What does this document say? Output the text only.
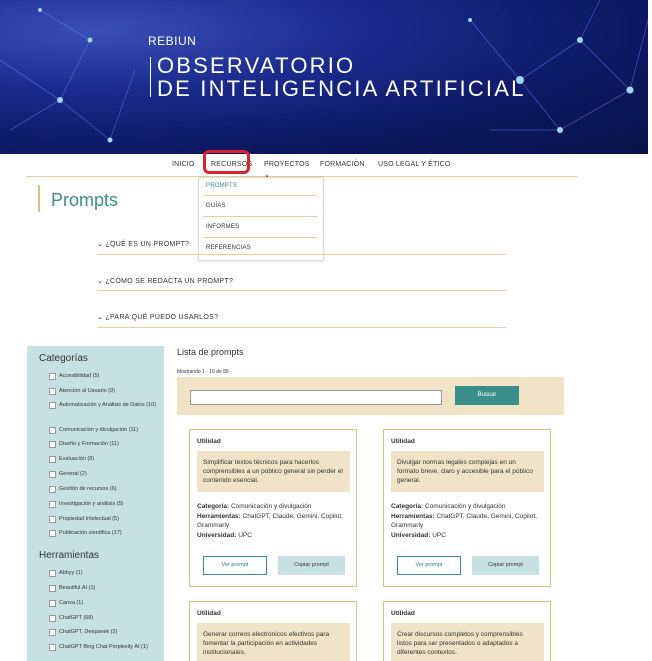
REBIUN
OBSERVATORIO
DE INTELIGENCIA ARTIFICIAL
INICIO RECURSOS PROYECTOS FORMACIÓN USO LEGAL Y ÉTICO
PROMPTS
GUÍAS
INFORMES
REFERENCIAS
Prompts
⌄ ¿QUÉ ES UN PROMPT?
⌄ ¿CÓMO SE REDACTA UN PROMPT?
⌄ ¿PARA QUÉ PUEDO USARLOS?
Categorías
Accesibilidad (5)
Atención al Usuario (9)
Automatización y Análisis de Datos (10)
Comunicación y divulgación (11)
Diseño y Formación (11)
Evaluación (8)
General (2)
Gestión de recursos (6)
Investigación y análisis (5)
Propiedad Intelectual (5)
Publicación científica (17)
Herramientas
Abbyy (1)
Beautiful.AI (1)
Canva (1)
ChatGPT (68)
ChatGPT, Deepseek (2)
ChatGPT Bing Chat Perplexity AI (1)
Lista de prompts
Mostrando 1 - 10 de 89
Buscar
Utilidad
Simplificar textos técnicos para hacerlos comprensibles a un público general sin perder el contenido esencial.
Categoría: Comunicación y divulgación
Herramientas: ChatGPT, Claude, Gemini, Copilot, Grammarly
Universidad: UPC
Ver prompt	Copiar prompt
Utilidad
Divulgar normas legales complejas en un formato breve, claro y accesible para el público general.
Categoría: Comunicación y divulgación
Herramientas: ChatGPT, Claude, Gemini, Copilot, Grammarly
Universidad: UPC
Ver prompt	Copiar prompt
Utilidad
Generar correos electrónicos efectivos para fomentar la participación en actividades institucionales.
Utilidad
Crear discursos completos y comprensibles listos para ser presentados o adaptados a diferentes contextos.
